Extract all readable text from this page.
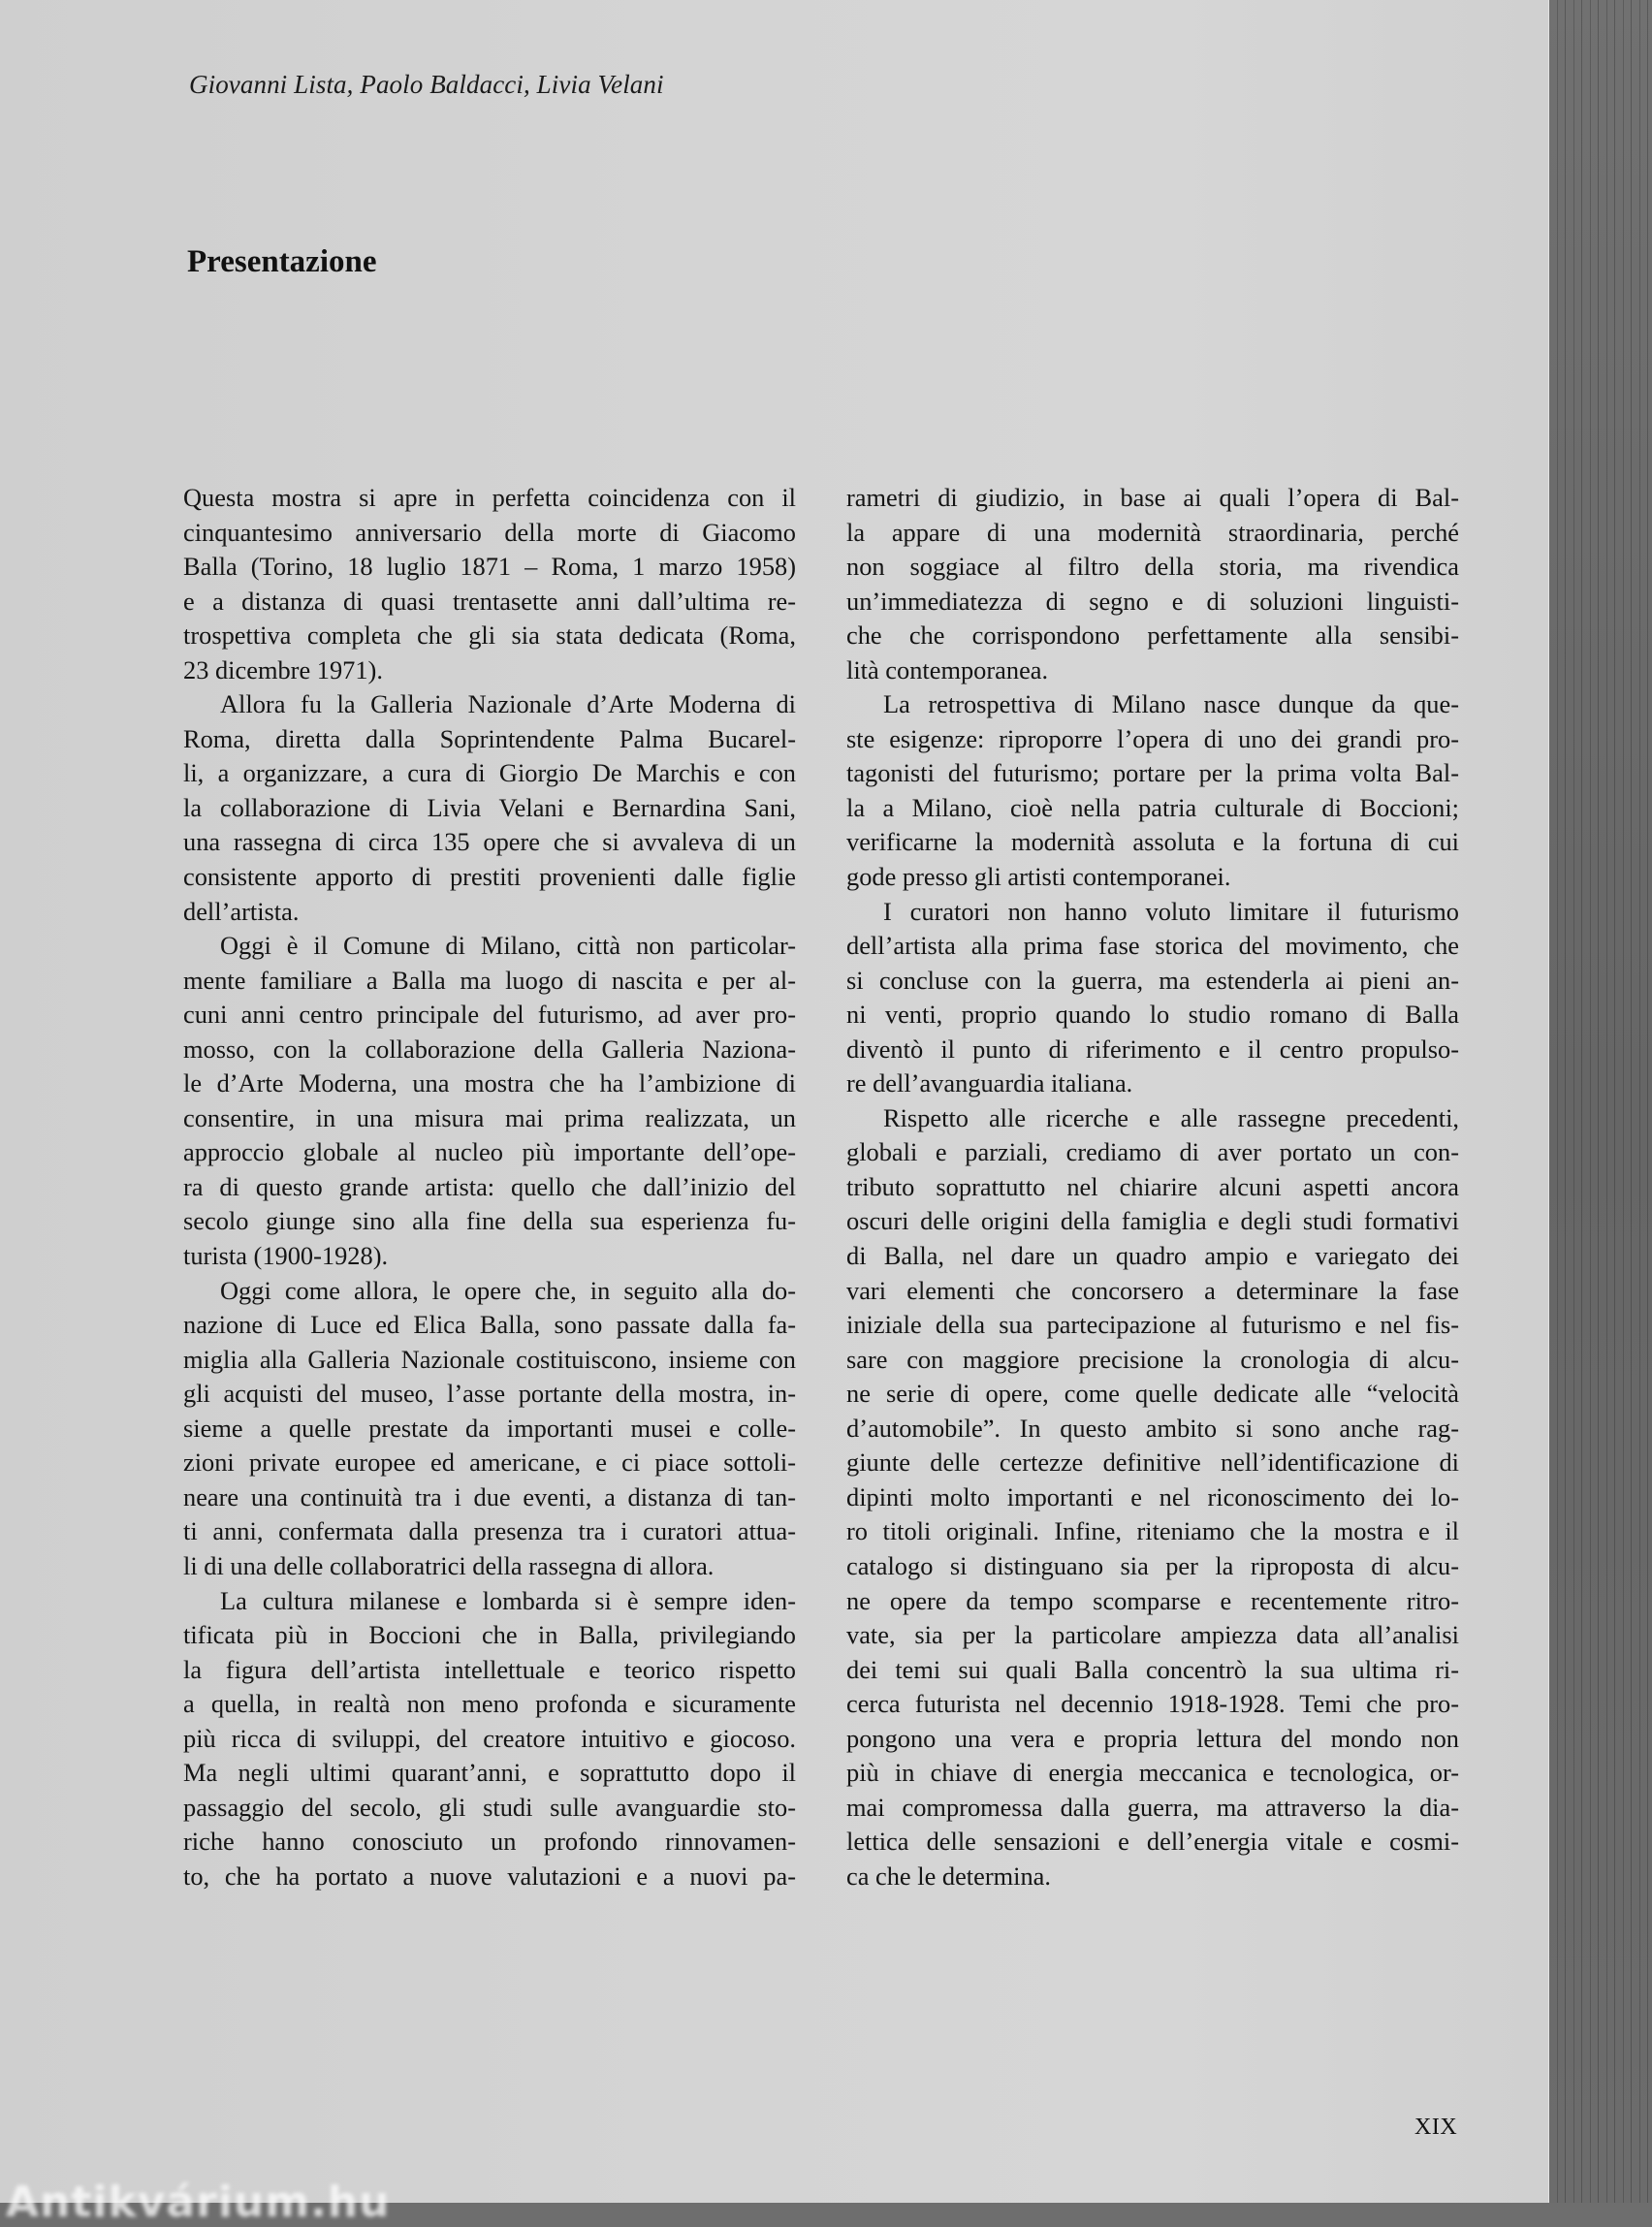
Giovanni Lista, Paolo Baldacci, Livia Velani
Presentazione
Questa mostra si apre in perfetta coincidenza con il
cinquantesimo anniversario della morte di Giacomo
Balla (Torino, 18 luglio 1871 – Roma, 1 marzo 1958)
e a distanza di quasi trentasette anni dall’ultima re-
trospettiva completa che gli sia stata dedicata (Roma,
23 dicembre 1971).
Allora fu la Galleria Nazionale d’Arte Moderna di
Roma, diretta dalla Soprintendente Palma Bucarel-
li, a organizzare, a cura di Giorgio De Marchis e con
la collaborazione di Livia Velani e Bernardina Sani,
una rassegna di circa 135 opere che si avvaleva di un
consistente apporto di prestiti provenienti dalle figlie
dell’artista.
Oggi è il Comune di Milano, città non particolar-
mente familiare a Balla ma luogo di nascita e per al-
cuni anni centro principale del futurismo, ad aver pro-
mosso, con la collaborazione della Galleria Naziona-
le d’Arte Moderna, una mostra che ha l’ambizione di
consentire, in una misura mai prima realizzata, un
approccio globale al nucleo più importante dell’ope-
ra di questo grande artista: quello che dall’inizio del
secolo giunge sino alla fine della sua esperienza fu-
turista (1900-1928).
Oggi come allora, le opere che, in seguito alla do-
nazione di Luce ed Elica Balla, sono passate dalla fa-
miglia alla Galleria Nazionale costituiscono, insieme con
gli acquisti del museo, l’asse portante della mostra, in-
sieme a quelle prestate da importanti musei e colle-
zioni private europee ed americane, e ci piace sottoli-
neare una continuità tra i due eventi, a distanza di tan-
ti anni, confermata dalla presenza tra i curatori attua-
li di una delle collaboratrici della rassegna di allora.
La cultura milanese e lombarda si è sempre iden-
tificata più in Boccioni che in Balla, privilegiando
la figura dell’artista intellettuale e teorico rispetto
a quella, in realtà non meno profonda e sicuramente
più ricca di sviluppi, del creatore intuitivo e giocoso.
Ma negli ultimi quarant’anni, e soprattutto dopo il
passaggio del secolo, gli studi sulle avanguardie sto-
riche hanno conosciuto un profondo rinnovamen-
to, che ha portato a nuove valutazioni e a nuovi pa-
rametri di giudizio, in base ai quali l’opera di Bal-
la appare di una modernità straordinaria, perché
non soggiace al filtro della storia, ma rivendica
un’immediatezza di segno e di soluzioni linguisti-
che che corrispondono perfettamente alla sensibi-
lità contemporanea.
La retrospettiva di Milano nasce dunque da que-
ste esigenze: riproporre l’opera di uno dei grandi pro-
tagonisti del futurismo; portare per la prima volta Bal-
la a Milano, cioè nella patria culturale di Boccioni;
verificarne la modernità assoluta e la fortuna di cui
gode presso gli artisti contemporanei.
I curatori non hanno voluto limitare il futurismo
dell’artista alla prima fase storica del movimento, che
si concluse con la guerra, ma estenderla ai pieni an-
ni venti, proprio quando lo studio romano di Balla
diventò il punto di riferimento e il centro propulso-
re dell’avanguardia italiana.
Rispetto alle ricerche e alle rassegne precedenti,
globali e parziali, crediamo di aver portato un con-
tributo soprattutto nel chiarire alcuni aspetti ancora
oscuri delle origini della famiglia e degli studi formativi
di Balla, nel dare un quadro ampio e variegato dei
vari elementi che concorsero a determinare la fase
iniziale della sua partecipazione al futurismo e nel fis-
sare con maggiore precisione la cronologia di alcu-
ne serie di opere, come quelle dedicate alle “velocità
d’automobile”. In questo ambito si sono anche rag-
giunte delle certezze definitive nell’identificazione di
dipinti molto importanti e nel riconoscimento dei lo-
ro titoli originali. Infine, riteniamo che la mostra e il
catalogo si distinguano sia per la riproposta di alcu-
ne opere da tempo scomparse e recentemente ritro-
vate, sia per la particolare ampiezza data all’analisi
dei temi sui quali Balla concentrò la sua ultima ri-
cerca futurista nel decennio 1918-1928. Temi che pro-
pongono una vera e propria lettura del mondo non
più in chiave di energia meccanica e tecnologica, or-
mai compromessa dalla guerra, ma attraverso la dia-
lettica delle sensazioni e dell’energia vitale e cosmi-
ca che le determina.
XIX
Antikvárium.hu
